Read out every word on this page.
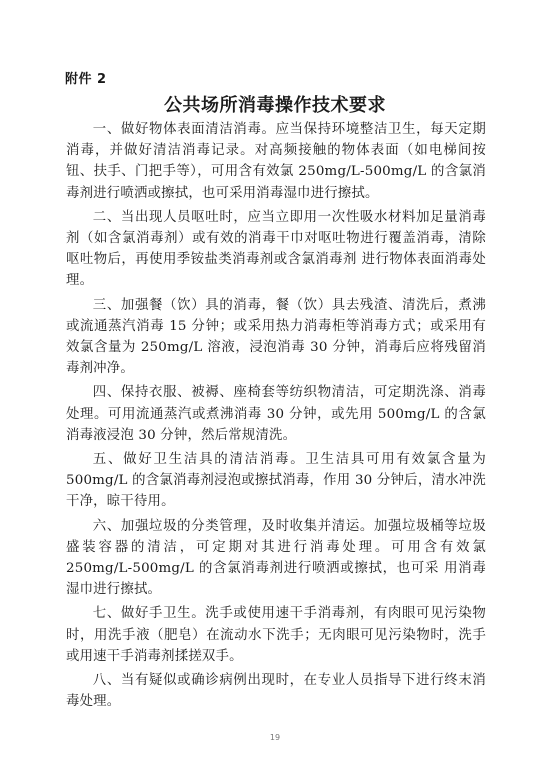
附件 2
公共场所消毒操作技术要求

一、做好物体表面清洁消毒。应当保持环境整洁卫生，每天定期消毒，并做好清洁消毒记录。对高频接触的物体表面（如电梯间按钮、扶手、门把手等），可用含有效氯 250mg/L-500mg/L 的含氯消毒剂进行喷洒或擦拭，也可采用消毒湿巾进行擦拭。

二、当出现人员呕吐时，应当立即用一次性吸水材料加足量消毒剂（如含氯消毒剂）或有效的消毒干巾对呕吐物进行覆盖消毒，清除呕吐物后，再使用季铵盐类消毒剂或含氯消毒剂 进行物体表面消毒处理。

三、加强餐（饮）具的消毒，餐（饮）具去残渣、清洗后，煮沸或流通蒸汽消毒 15 分钟；或采用热力消毒柜等消毒方式；或采用有效氯含量为 250mg/L 溶液，浸泡消毒 30 分钟，消毒后应将残留消毒剂冲净。

四、保持衣服、被褥、座椅套等纺织物清洁，可定期洗涤、消毒处理。可用流通蒸汽或煮沸消毒 30 分钟，或先用 500mg/L 的含氯消毒液浸泡 30 分钟，然后常规清洗。

五、做好卫生洁具的清洁消毒。卫生洁具可用有效氯含量为 500mg/L 的含氯消毒剂浸泡或擦拭消毒，作用 30 分钟后，清水冲洗干净，晾干待用。

六、加强垃圾的分类管理，及时收集并清运。加强垃圾桶等垃圾盛装容器的清洁，可定期对其进行消毒处理。可用含有效氯 250mg/L-500mg/L 的含氯消毒剂进行喷洒或擦拭，也可采 用消毒湿巾进行擦拭。

七、做好手卫生。洗手或使用速干手消毒剂，有肉眼可见污染物时，用洗手液（肥皂）在流动水下洗手；无肉眼可见污染物时，洗手或用速干手消毒剂揉搓双手。

八、当有疑似或确诊病例出现时，在专业人员指导下进行终末消毒处理。

19
